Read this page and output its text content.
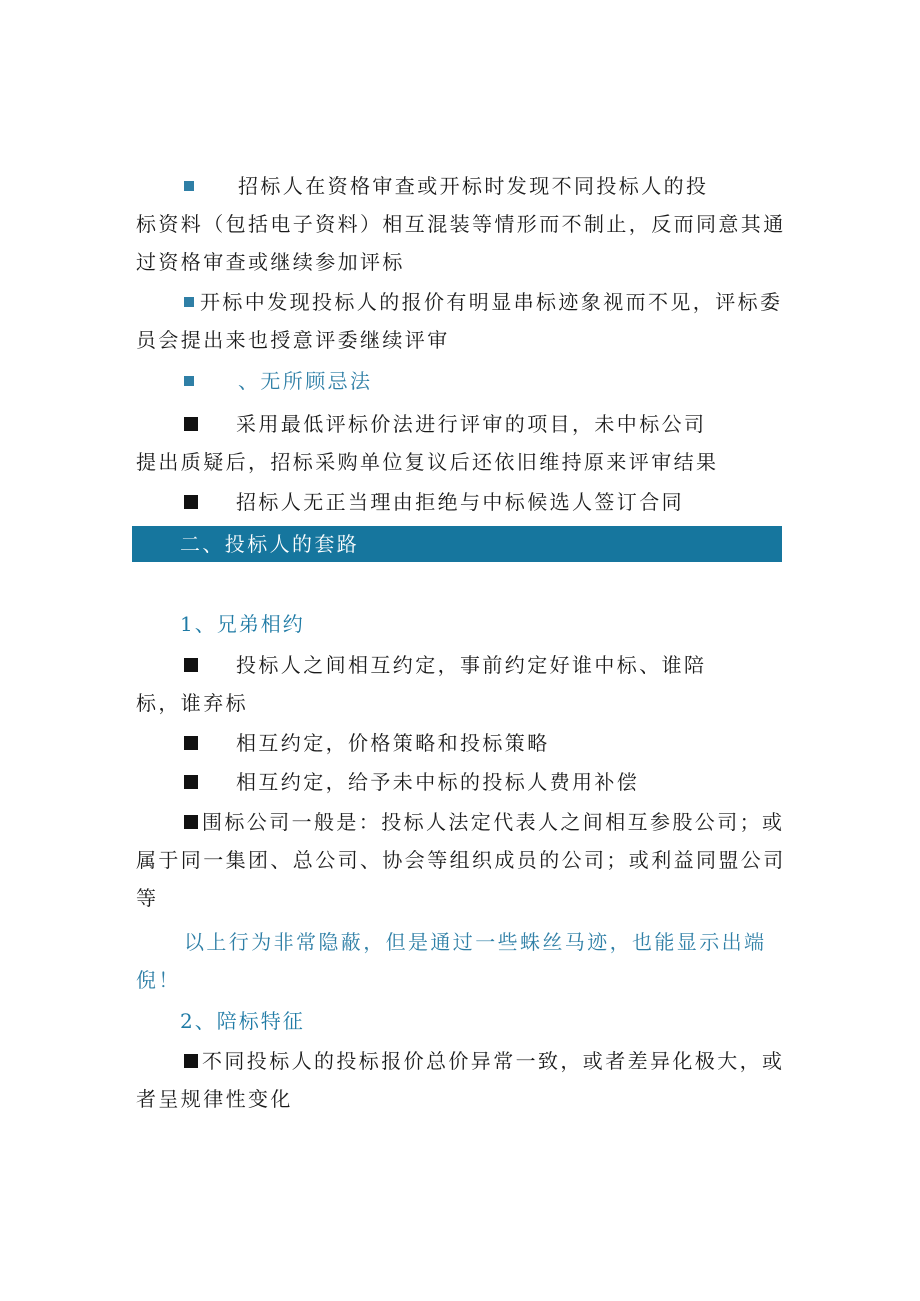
招标人在资格审查或开标时发现不同投标人的投
标资料（包括电子资料）相互混装等情形而不制止，反而同意其通
过资格审查或继续参加评标
开标中发现投标人的报价有明显串标迹象视而不见，评标委
员会提出来也授意评委继续评审
、无所顾忌法
采用最低评标价法进行评审的项目，未中标公司
提出质疑后，招标采购单位复议后还依旧维持原来评审结果
招标人无正当理由拒绝与中标候选人签订合同
二、投标人的套路
1、兄弟相约
投标人之间相互约定，事前约定好谁中标、谁陪
标，谁弃标
相互约定，价格策略和投标策略
相互约定，给予未中标的投标人费用补偿
围标公司一般是：投标人法定代表人之间相互参股公司；或
属于同一集团、总公司、协会等组织成员的公司；或利益同盟公司
等
以上行为非常隐蔽，但是通过一些蛛丝马迹，也能显示出端
倪！
2、陪标特征
不同投标人的投标报价总价异常一致，或者差异化极大，或
者呈规律性变化
